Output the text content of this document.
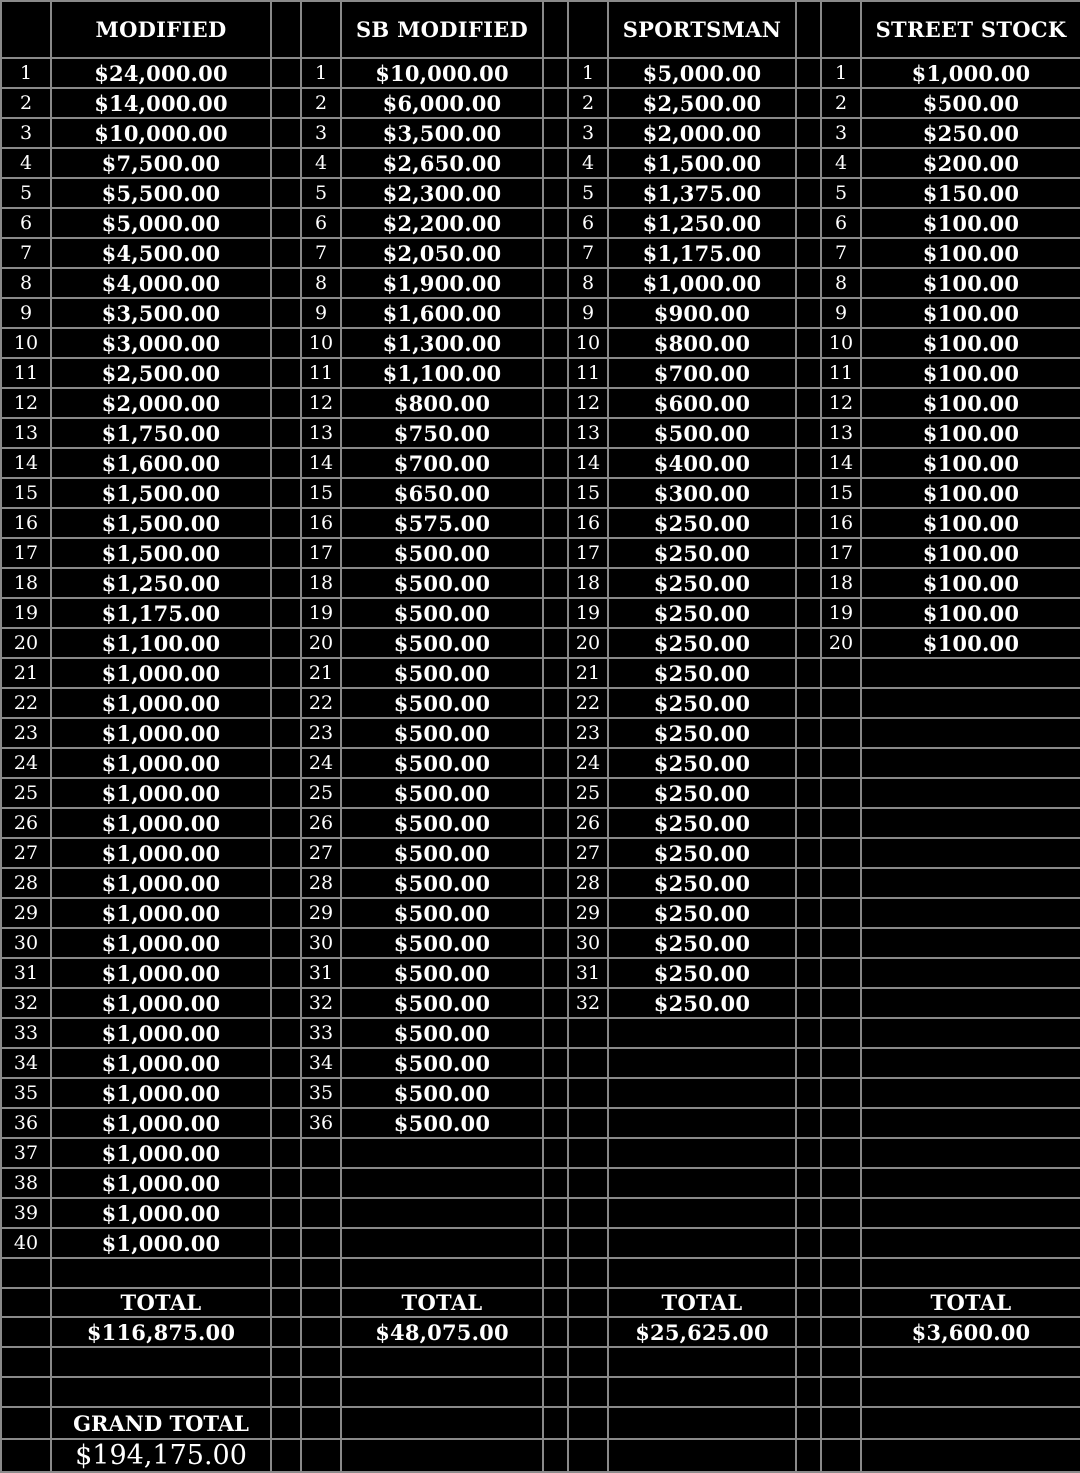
	MODIFIED			SB MODIFIED			SPORTSMAN			STREET STOCK
1	$24,000.00		1	$10,000.00		1	$5,000.00		1	$1,000.00
2	$14,000.00		2	$6,000.00		2	$2,500.00		2	$500.00
3	$10,000.00		3	$3,500.00		3	$2,000.00		3	$250.00
4	$7,500.00		4	$2,650.00		4	$1,500.00		4	$200.00
5	$5,500.00		5	$2,300.00		5	$1,375.00		5	$150.00
6	$5,000.00		6	$2,200.00		6	$1,250.00		6	$100.00
7	$4,500.00		7	$2,050.00		7	$1,175.00		7	$100.00
8	$4,000.00		8	$1,900.00		8	$1,000.00		8	$100.00
9	$3,500.00		9	$1,600.00		9	$900.00		9	$100.00
10	$3,000.00		10	$1,300.00		10	$800.00		10	$100.00
11	$2,500.00		11	$1,100.00		11	$700.00		11	$100.00
12	$2,000.00		12	$800.00		12	$600.00		12	$100.00
13	$1,750.00		13	$750.00		13	$500.00		13	$100.00
14	$1,600.00		14	$700.00		14	$400.00		14	$100.00
15	$1,500.00		15	$650.00		15	$300.00		15	$100.00
16	$1,500.00		16	$575.00		16	$250.00		16	$100.00
17	$1,500.00		17	$500.00		17	$250.00		17	$100.00
18	$1,250.00		18	$500.00		18	$250.00		18	$100.00
19	$1,175.00		19	$500.00		19	$250.00		19	$100.00
20	$1,100.00		20	$500.00		20	$250.00		20	$100.00
21	$1,000.00		21	$500.00		21	$250.00			
22	$1,000.00		22	$500.00		22	$250.00			
23	$1,000.00		23	$500.00		23	$250.00			
24	$1,000.00		24	$500.00		24	$250.00			
25	$1,000.00		25	$500.00		25	$250.00			
26	$1,000.00		26	$500.00		26	$250.00			
27	$1,000.00		27	$500.00		27	$250.00			
28	$1,000.00		28	$500.00		28	$250.00			
29	$1,000.00		29	$500.00		29	$250.00			
30	$1,000.00		30	$500.00		30	$250.00			
31	$1,000.00		31	$500.00		31	$250.00			
32	$1,000.00		32	$500.00		32	$250.00			
33	$1,000.00		33	$500.00						
34	$1,000.00		34	$500.00						
35	$1,000.00		35	$500.00						
36	$1,000.00		36	$500.00						
37	$1,000.00									
38	$1,000.00									
39	$1,000.00									
40	$1,000.00									

	TOTAL			TOTAL			TOTAL			TOTAL
	$116,875.00			$48,075.00			$25,625.00			$3,600.00

	GRAND TOTAL									
	$194,175.00									
